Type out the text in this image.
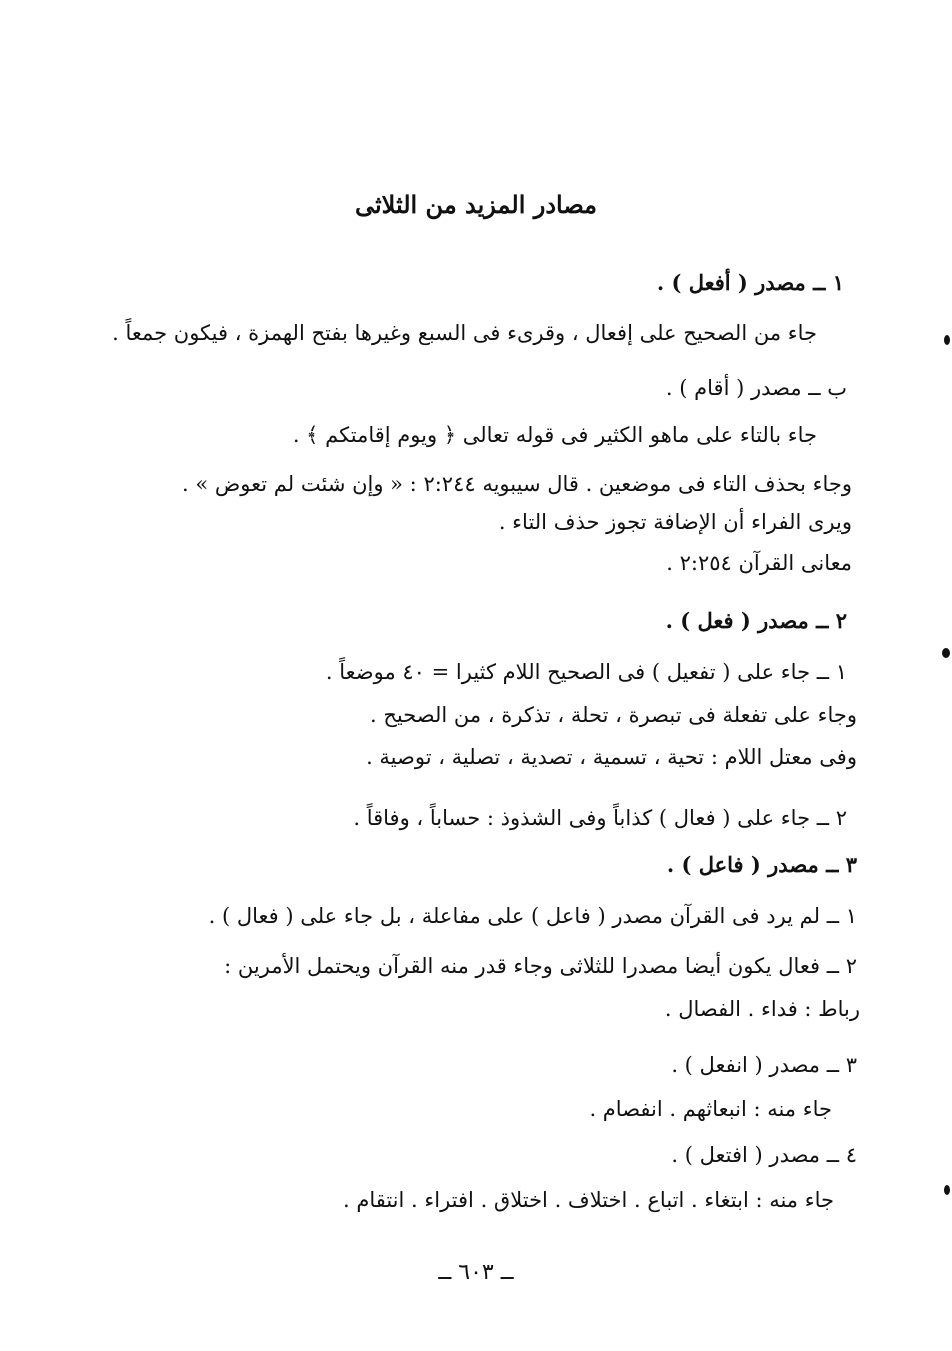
مصادر المزيد من الثلاثى
١ ــ مصدر ( أفعل ) .
جاء من الصحيح على إفعال ، وقرىء فى السبع وغيرها بفتح الهمزة ، فيكون جمعاً .
ب ــ مصدر ( أقام ) .
جاء بالتاء على ماهو الكثير فى قوله تعالى ﴿ ويوم إقامتكم ﴾ .
وجاء بحذف التاء فى موضعين . قال سيبويه ٢:٢٤٤ : « وإن شئت لم تعوض » .
ويرى الفراء أن الإضافة تجوز حذف التاء .
معانى القرآن ٢:٢٥٤ .
٢ ــ مصدر ( فعل ) .
١ ــ جاء على ( تفعيل ) فى الصحيح اللام كثيرا = ٤٠ موضعاً .
وجاء على تفعلة فى تبصرة ، تحلة ، تذكرة ، من الصحيح .
وفى معتل اللام : تحية ، تسمية ، تصدية ، تصلية ، توصية .
٢ ــ جاء على ( فعال ) كذاباً وفى الشذوذ : حساباً ، وفاقاً .
٣ ــ مصدر ( فاعل ) .
١ ــ لم يرد فى القرآن مصدر ( فاعل ) على مفاعلة ، بل جاء على ( فعال ) .
٢ ــ فعال يكون أيضا مصدرا للثلاثى وجاء قدر منه القرآن ويحتمل الأمرين :
رباط : فداء . الفصال .
٣ ــ مصدر ( انفعل ) .
جاء منه : انبعاثهم . انفصام .
٤ ــ مصدر ( افتعل ) .
جاء منه : ابتغاء . اتباع . اختلاف . اختلاق . افتراء . انتقام .
ــ ٦٠٣ ــ
